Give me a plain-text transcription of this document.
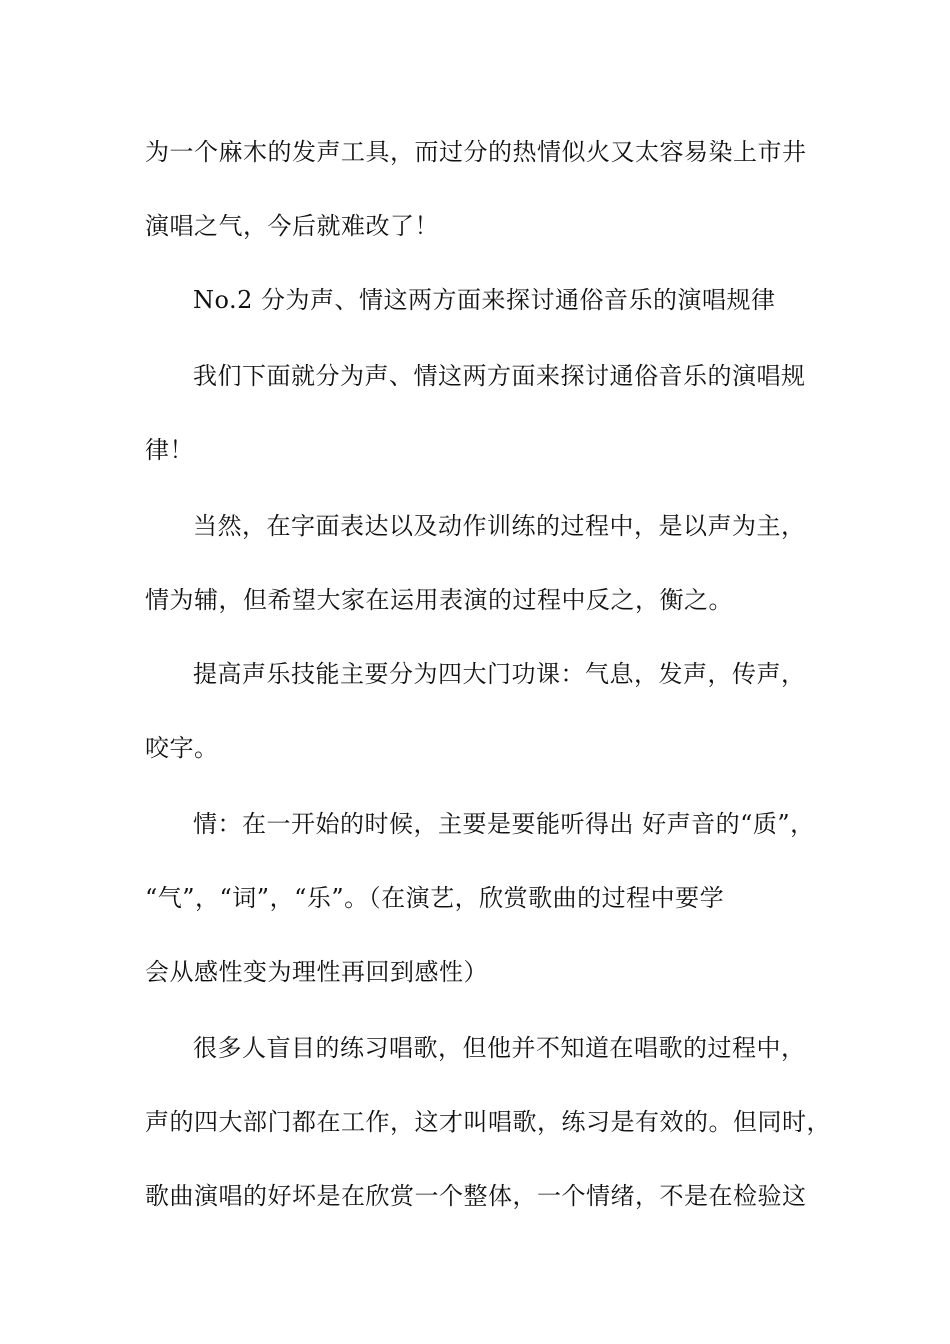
为一个麻木的发声工具，而过分的热情似火又太容易染上市井
演唱之气，今后就难改了！
No.2 分为声、情这两方面来探讨通俗音乐的演唱规律
我们下面就分为声、情这两方面来探讨通俗音乐的演唱规
律！
当然，在字面表达以及动作训练的过程中，是以声为主，
情为辅，但希望大家在运用表演的过程中反之，衡之。
提高声乐技能主要分为四大门功课：气息，发声，传声，
咬字。
情：在一开始的时候，主要是要能听得出 好声音的“质”，
“气”，“词”，“乐”。（在演艺，欣赏歌曲的过程中要学
会从感性变为理性再回到感性）
很多人盲目的练习唱歌，但他并不知道在唱歌的过程中，
声的四大部门都在工作，这才叫唱歌，练习是有效的。但同时，
歌曲演唱的好坏是在欣赏一个整体，一个情绪，不是在检验这
